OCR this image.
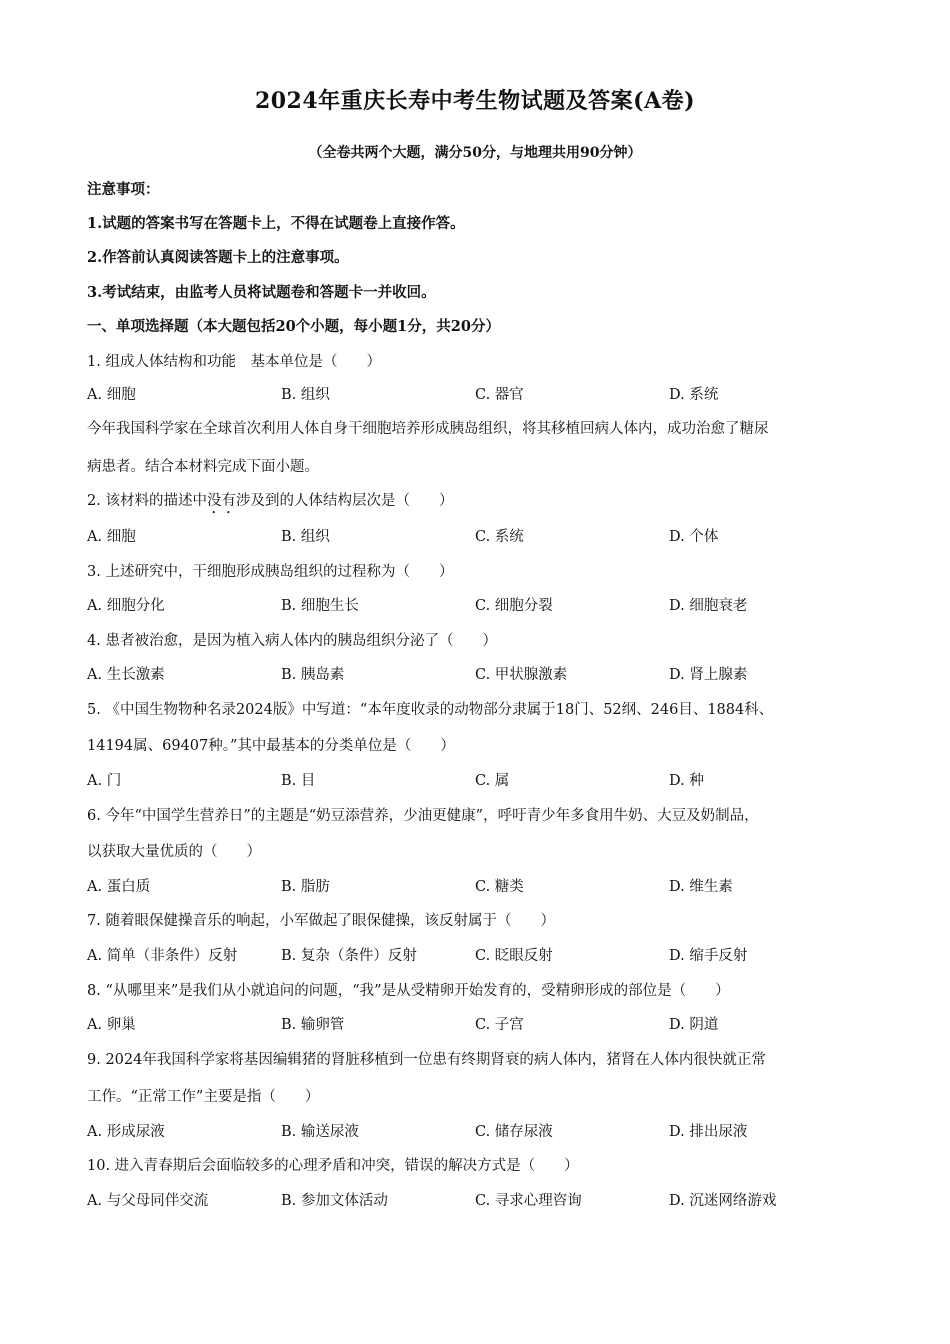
2024年重庆长寿中考生物试题及答案(A卷)
（全卷共两个大题，满分50分，与地理共用90分钟）
注意事项：
1.试题的答案书写在答题卡上，不得在试题卷上直接作答。
2.作答前认真阅读答题卡上的注意事项。
3.考试结束，由监考人员将试题卷和答题卡一并收回。
一、单项选择题（本大题包括20个小题，每小题1分，共20分）
1. 组成人体结构和功能　基本单位是（　　）
A. 细胞	B. 组织	C. 器官	D. 系统
今年我国科学家在全球首次利用人体自身干细胞培养形成胰岛组织，将其移植回病人体内，成功治愈了糖尿
病患者。结合本材料完成下面小题。
2. 该材料的描述中没有涉及到的人体结构层次是（　　）
A. 细胞	B. 组织	C. 系统	D. 个体
3. 上述研究中，干细胞形成胰岛组织的过程称为（　　）
A. 细胞分化	B. 细胞生长	C. 细胞分裂	D. 细胞衰老
4. 患者被治愈，是因为植入病人体内的胰岛组织分泌了（　　）
A. 生长激素	B. 胰岛素	C. 甲状腺激素	D. 肾上腺素
5. 《中国生物物种名录2024版》中写道：“本年度收录的动物部分隶属于18门、52纲、246目、1884科、
14194属、69407种。”其中最基本的分类单位是（　　）
A. 门	B. 目	C. 属	D. 种
6. 今年“中国学生营养日”的主题是“奶豆添营养，少油更健康”，呼吁青少年多食用牛奶、大豆及奶制品，
以获取大量优质的（　　）
A. 蛋白质	B. 脂肪	C. 糖类	D. 维生素
7. 随着眼保健操音乐的响起，小军做起了眼保健操，该反射属于（　　）
A. 简单（非条件）反射	B. 复杂（条件）反射	C. 眨眼反射	D. 缩手反射
8. “从哪里来”是我们从小就追问的问题，“我”是从受精卵开始发育的，受精卵形成的部位是（　　）
A. 卵巢	B. 输卵管	C. 子宫	D. 阴道
9. 2024年我国科学家将基因编辑猪的肾脏移植到一位患有终期肾衰的病人体内，猪肾在人体内很快就正常
工作。“正常工作”主要是指（　　）
A. 形成尿液	B. 输送尿液	C. 储存尿液	D. 排出尿液
10. 进入青春期后会面临较多的心理矛盾和冲突，错误的解决方式是（　　）
A. 与父母同伴交流	B. 参加文体活动	C. 寻求心理咨询	D. 沉迷网络游戏
